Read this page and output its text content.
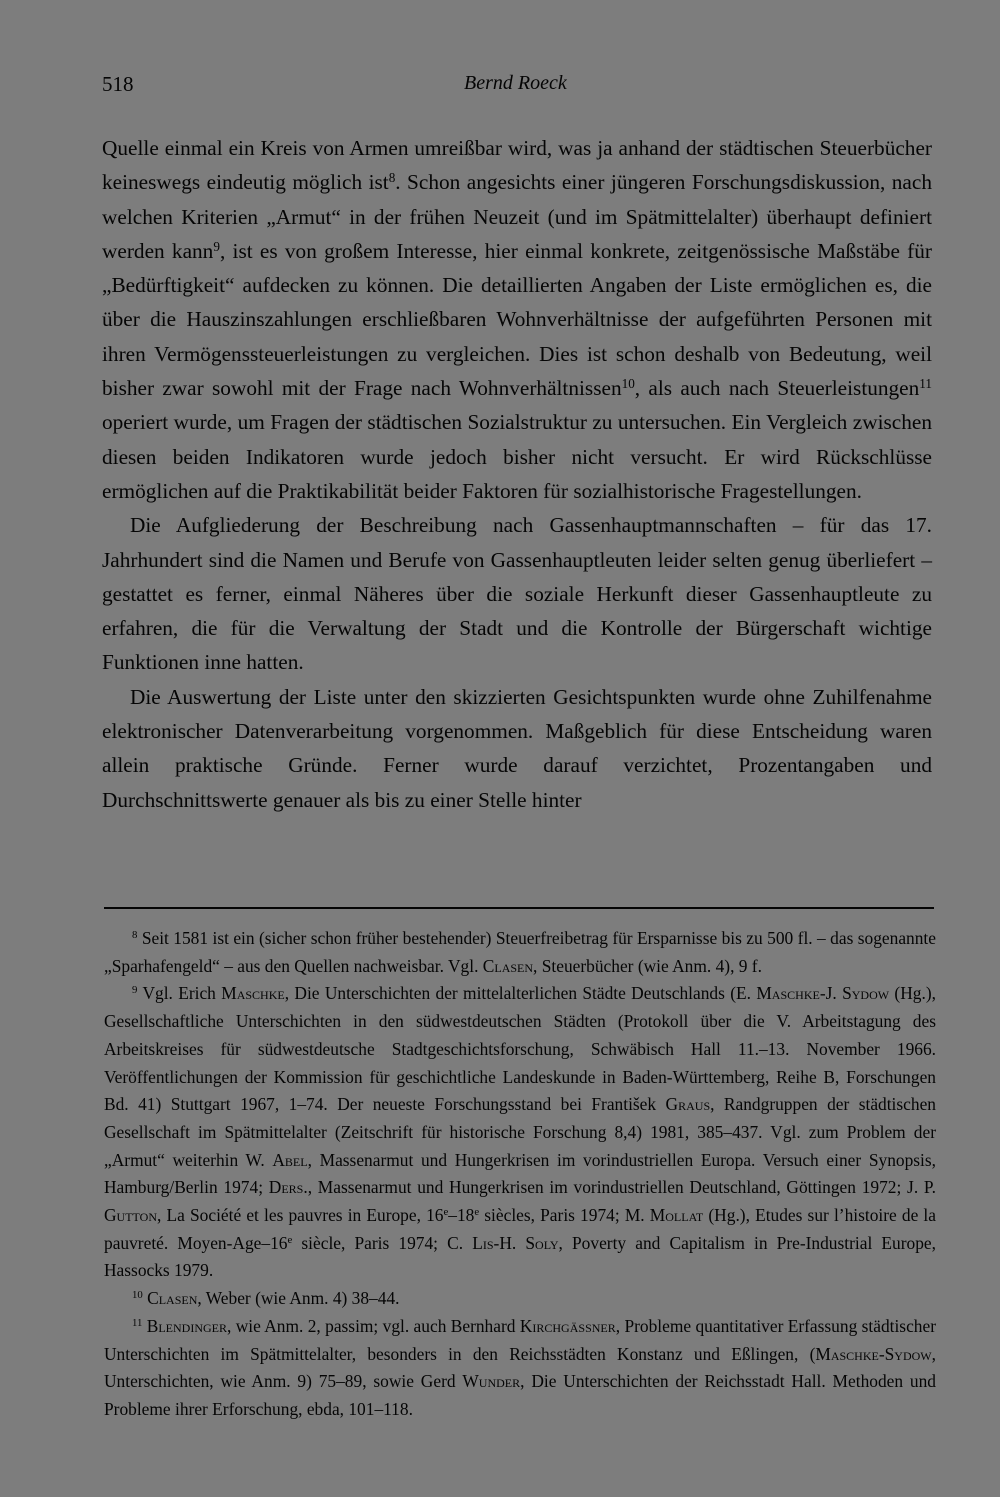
518	Bernd Roeck

Quelle einmal ein Kreis von Armen umreißbar wird, was ja anhand der städtischen Steuerbücher keineswegs eindeutig möglich ist$^8$. Schon angesichts einer jüngeren Forschungsdiskussion, nach welchen Kriterien „Armut“ in der frühen Neuzeit (und im Spätmittelalter) überhaupt definiert werden kann$^9$, ist es von großem Interesse, hier einmal konkrete, zeitgenössische Maßstäbe für „Bedürftigkeit“ aufdecken zu können. Die detaillierten Angaben der Liste ermöglichen es, die über die Hauszinszahlungen erschließbaren Wohnverhältnisse der aufgeführten Personen mit ihren Vermögenssteuerleistungen zu vergleichen. Dies ist schon deshalb von Bedeutung, weil bisher zwar sowohl mit der Frage nach Wohnverhältnissen$^{10}$, als auch nach Steuerleistungen$^{11}$ operiert wurde, um Fragen der städtischen Sozialstruktur zu untersuchen. Ein Vergleich zwischen diesen beiden Indikatoren wurde jedoch bisher nicht versucht. Er wird Rückschlüsse ermöglichen auf die Praktikabilität beider Faktoren für sozialhistorische Fragestellungen.

Die Aufgliederung der Beschreibung nach Gassenhauptmannschaften – für das 17. Jahrhundert sind die Namen und Berufe von Gassenhauptleuten leider selten genug überliefert – gestattet es ferner, einmal Näheres über die soziale Herkunft dieser Gassenhauptleute zu erfahren, die für die Verwaltung der Stadt und die Kontrolle der Bürgerschaft wichtige Funktionen inne hatten.

Die Auswertung der Liste unter den skizzierten Gesichtspunkten wurde ohne Zuhilfenahme elektronischer Datenverarbeitung vorgenommen. Maßgeblich für diese Entscheidung waren allein praktische Gründe. Ferner wurde darauf verzichtet, Prozentangaben und Durchschnittswerte genauer als bis zu einer Stelle hinter

$^8$ Seit 1581 ist ein (sicher schon früher bestehender) Steuerfreibetrag für Ersparnisse bis zu 500 fl. – das sogenannte „Sparhafengeld“ – aus den Quellen nachweisbar. Vgl. Clasen, Steuerbücher (wie Anm. 4), 9 f.

$^9$ Vgl. Erich Maschke, Die Unterschichten der mittelalterlichen Städte Deutschlands (E. Maschke-J. Sydow (Hg.), Gesellschaftliche Unterschichten in den südwestdeutschen Städten (Protokoll über die V. Arbeitstagung des Arbeitskreises für südwestdeutsche Stadtgeschichtsforschung, Schwäbisch Hall 11.–13. November 1966. Veröffentlichungen der Kommission für geschichtliche Landeskunde in Baden-Württemberg, Reihe B, Forschungen Bd. 41) Stuttgart 1967, 1–74. Der neueste Forschungsstand bei František Graus, Randgruppen der städtischen Gesellschaft im Spätmittelalter (Zeitschrift für historische Forschung 8,4) 1981, 385–437. Vgl. zum Problem der „Armut“ weiterhin W. Abel, Massenarmut und Hungerkrisen im vorindustriellen Europa. Versuch einer Synopsis, Hamburg/Berlin 1974; Ders., Massenarmut und Hungerkrisen im vorindustriellen Deutschland, Göttingen 1972; J. P. Gutton, La Société et les pauvres in Europe, 16e–18e siècles, Paris 1974; M. Mollat (Hg.), Etudes sur l’histoire de la pauvreté. Moyen-Age–16e siècle, Paris 1974; C. Lis-H. Soly, Poverty and Capitalism in Pre-Industrial Europe, Hassocks 1979.

$^{10}$ Clasen, Weber (wie Anm. 4) 38–44.

$^{11}$ Blendinger, wie Anm. 2, passim; vgl. auch Bernhard Kirchgässner, Probleme quantitativer Erfassung städtischer Unterschichten im Spätmittelalter, besonders in den Reichsstädten Konstanz und Eßlingen, (Maschke-Sydow, Unterschichten, wie Anm. 9) 75–89, sowie Gerd Wunder, Die Unterschichten der Reichsstadt Hall. Methoden und Probleme ihrer Erforschung, ebda, 101–118.
